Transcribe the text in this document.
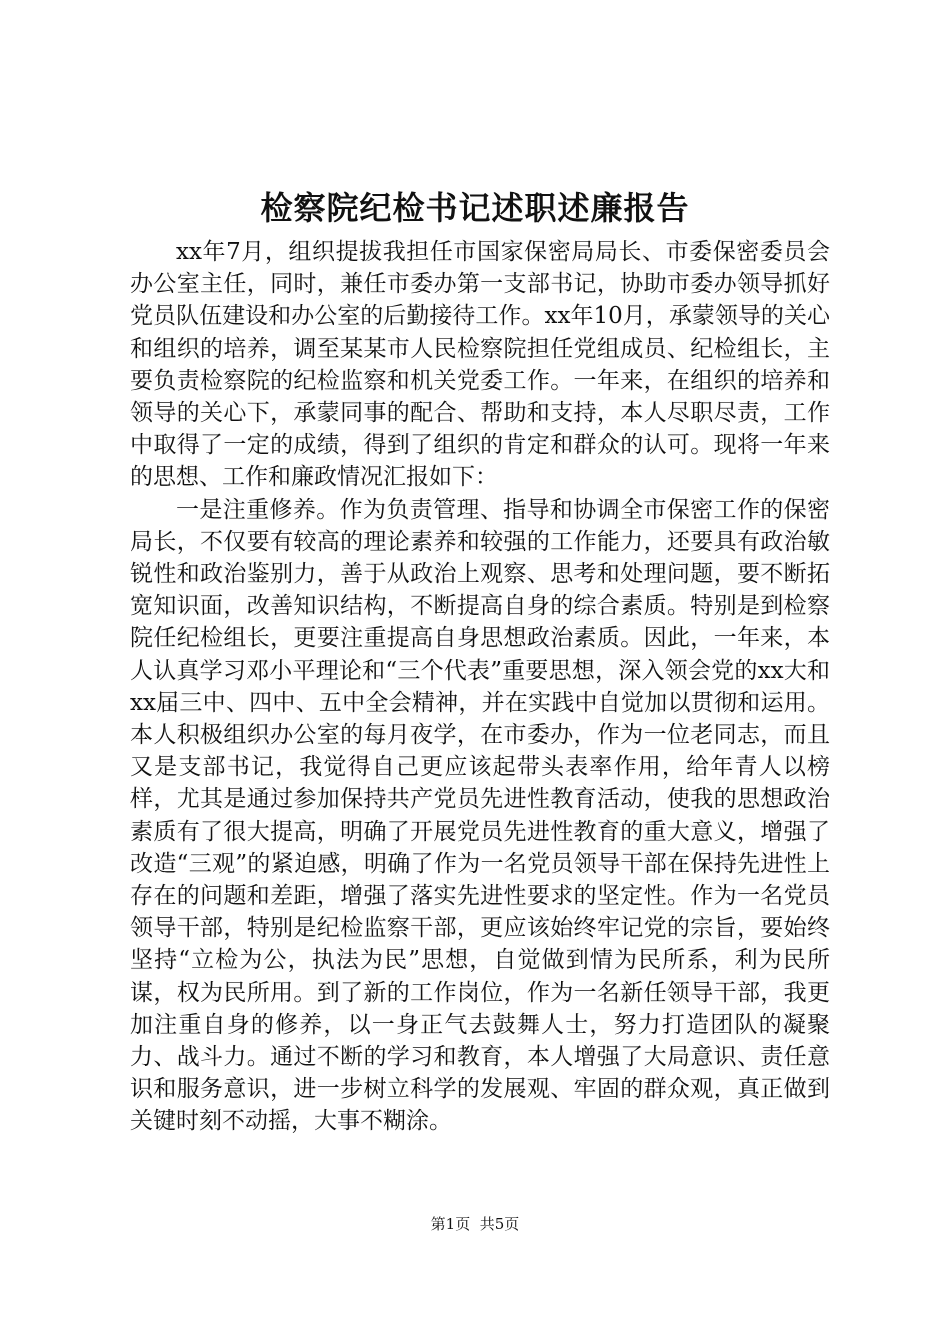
检察院纪检书记述职述廉报告

xx年7月，组织提拔我担任市国家保密局局长、市委保密委员会办公室主任，同时，兼任市委办第一支部书记，协助市委办领导抓好党员队伍建设和办公室的后勤接待工作。xx年10月，承蒙领导的关心和组织的培养，调至某某市人民检察院担任党组成员、纪检组长，主要负责检察院的纪检监察和机关党委工作。一年来，在组织的培养和领导的关心下，承蒙同事的配合、帮助和支持，本人尽职尽责，工作中取得了一定的成绩，得到了组织的肯定和群众的认可。现将一年来的思想、工作和廉政情况汇报如下：

一是注重修养。作为负责管理、指导和协调全市保密工作的保密局长，不仅要有较高的理论素养和较强的工作能力，还要具有政治敏锐性和政治鉴别力，善于从政治上观察、思考和处理问题，要不断拓宽知识面，改善知识结构，不断提高自身的综合素质。特别是到检察院任纪检组长，更要注重提高自身思想政治素质。因此，一年来，本人认真学习邓小平理论和“三个代表”重要思想，深入领会党的xx大和xx届三中、四中、五中全会精神，并在实践中自觉加以贯彻和运用。本人积极组织办公室的每月夜学，在市委办，作为一位老同志，而且又是支部书记，我觉得自己更应该起带头表率作用，给年青人以榜样，尤其是通过参加保持共产党员先进性教育活动，使我的思想政治素质有了很大提高，明确了开展党员先进性教育的重大意义，增强了改造“三观”的紧迫感，明确了作为一名党员领导干部在保持先进性上存在的问题和差距，增强了落实先进性要求的坚定性。作为一名党员领导干部，特别是纪检监察干部，更应该始终牢记党的宗旨，要始终坚持“立检为公，执法为民”思想，自觉做到情为民所系，利为民所谋，权为民所用。到了新的工作岗位，作为一名新任领导干部，我更加注重自身的修养，以一身正气去鼓舞人士，努力打造团队的凝聚力、战斗力。通过不断的学习和教育，本人增强了大局意识、责任意识和服务意识，进一步树立科学的发展观、牢固的群众观，真正做到关键时刻不动摇，大事不糊涂。

第1页 共5页
